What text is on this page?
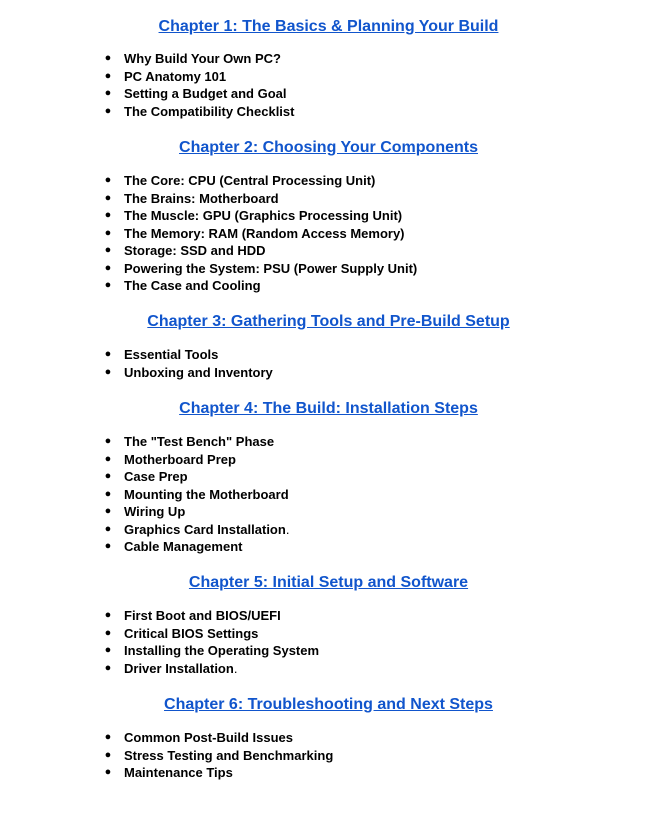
Chapter 1: The Basics & Planning Your Build
● Why Build Your Own PC?
● PC Anatomy 101
● Setting a Budget and Goal
● The Compatibility Checklist
Chapter 2: Choosing Your Components
● The Core: CPU (Central Processing Unit)
● The Brains: Motherboard
● The Muscle: GPU (Graphics Processing Unit)
● The Memory: RAM (Random Access Memory)
● Storage: SSD and HDD
● Powering the System: PSU (Power Supply Unit)
● The Case and Cooling
Chapter 3: Gathering Tools and Pre-Build Setup
● Essential Tools
● Unboxing and Inventory
Chapter 4: The Build: Installation Steps
● The "Test Bench" Phase
● Motherboard Prep
● Case Prep
● Mounting the Motherboard
● Wiring Up
● Graphics Card Installation.
● Cable Management
Chapter 5: Initial Setup and Software
● First Boot and BIOS/UEFI
● Critical BIOS Settings
● Installing the Operating System
● Driver Installation.
Chapter 6: Troubleshooting and Next Steps
● Common Post-Build Issues
● Stress Testing and Benchmarking
● Maintenance Tips
